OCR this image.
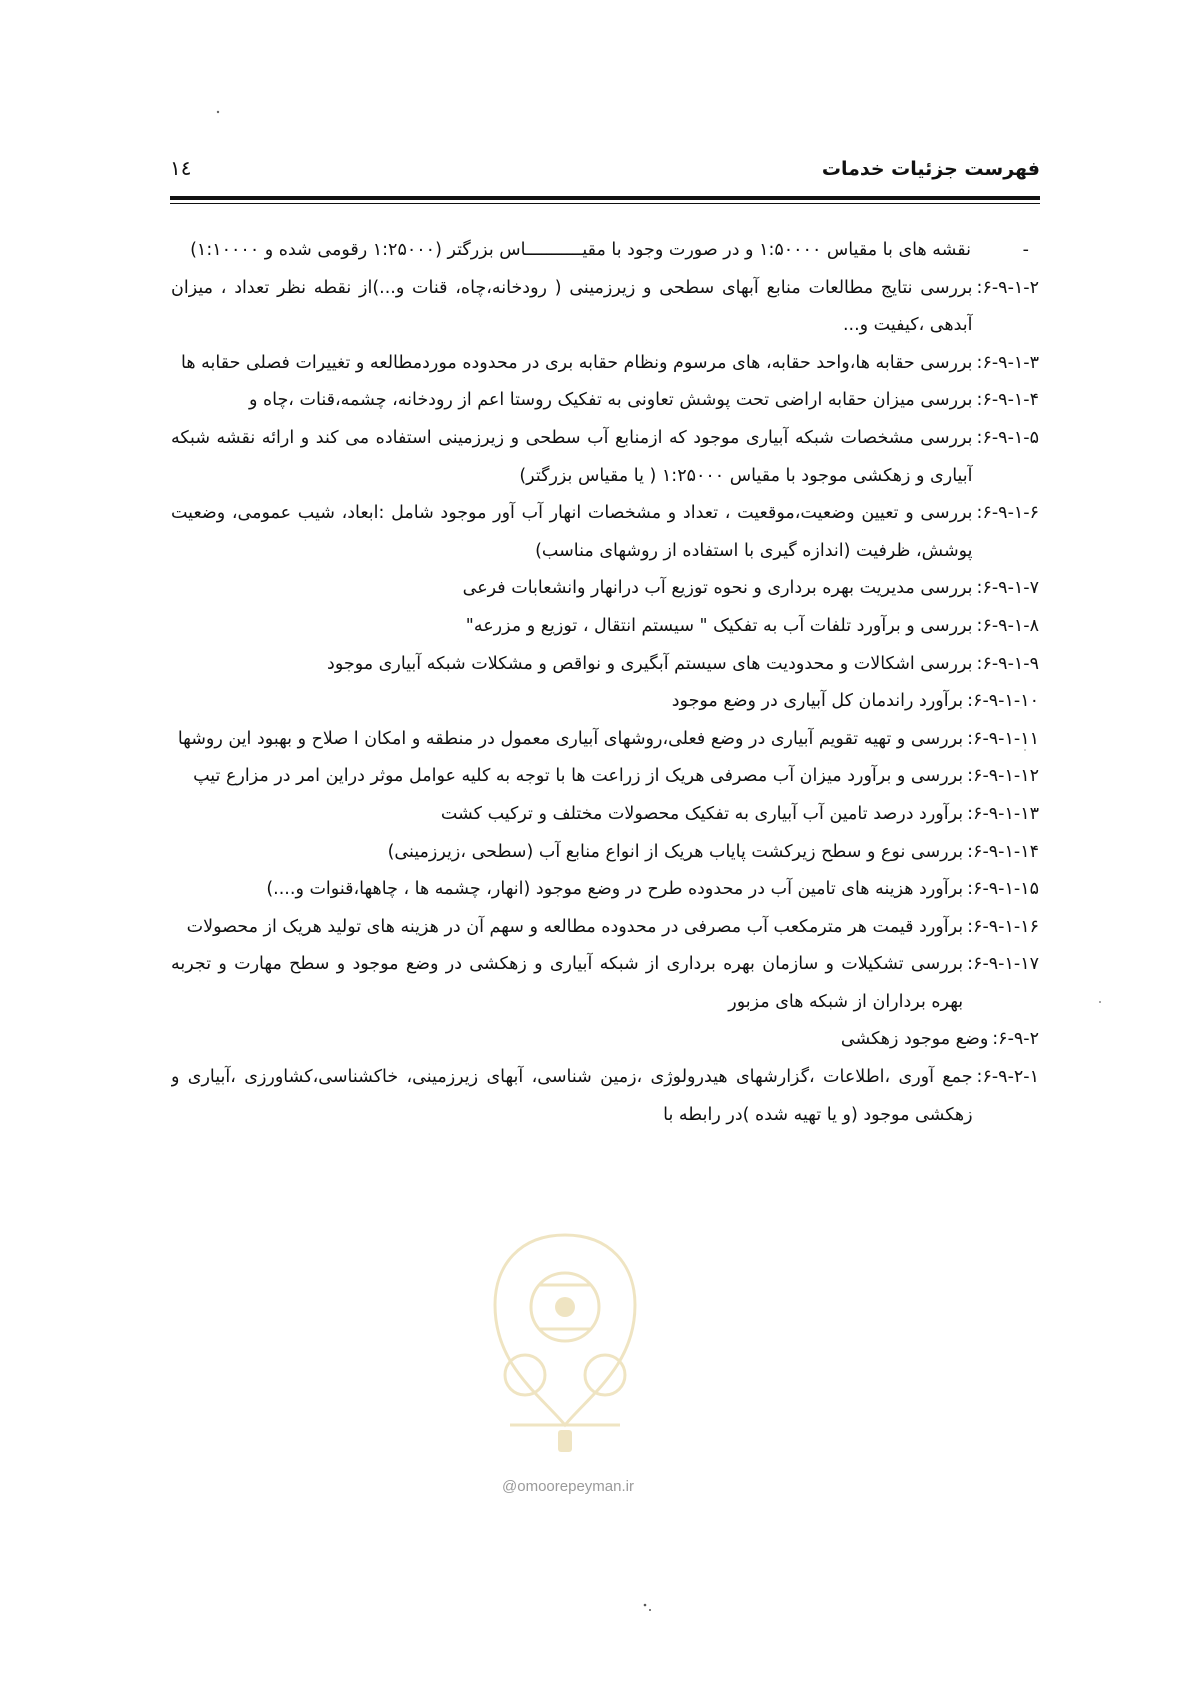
فهرست جزئیات خدمات
١٤
-
نقشه های با مقیاس ۱:۵۰۰۰۰ و در صورت وجود با مقیـــــــــــاس بزرگتر (۱:۲۵۰۰۰ رقومی شده و ۱:۱۰۰۰۰)
۶-۹-۱-۲:
بررسی نتایج مطالعات منابع آبهای سطحی و زیرزمینی ( رودخانه،چاه، قنات و...)از نقطه نظر تعداد ، میزان آبدهی ،کیفیت و...
۶-۹-۱-۳:
بررسی حقابه ها،واحد حقابه، های مرسوم ونظام حقابه بری در محدوده موردمطالعه و تغییرات فصلی حقابه ها
۶-۹-۱-۴:
بررسی میزان حقابه اراضی تحت پوشش تعاونی به تفکیک روستا اعم از رودخانه، چشمه،قنات ،چاه و
۶-۹-۱-۵:
بررسی مشخصات شبکه آبیاری موجود که ازمنابع آب سطحی و زیرزمینی استفاده می کند و ارائه نقشه شبکه آبیاری و زهکشی موجود با مقیاس ۱:۲۵۰۰۰ ( یا مقیاس بزرگتر)
۶-۹-۱-۶:
بررسی و تعیین وضعیت،موقعیت ، تعداد و مشخصات انهار آب آور موجود شامل :ابعاد، شیب عمومی، وضعیت پوشش، ظرفیت (اندازه گیری با استفاده از روشهای مناسب)
۶-۹-۱-۷:
بررسی مدیریت بهره برداری و نحوه توزیع آب درانهار وانشعابات فرعی
۶-۹-۱-۸:
بررسی و برآورد تلفات آب به تفکیک " سیستم انتقال ، توزیع و مزرعه"
۶-۹-۱-۹:
بررسی اشکالات و محدودیت های سیستم آبگیری و نواقص و مشکلات شبکه آبیاری موجود
۶-۹-۱-۱۰:
برآورد راندمان کل آبیاری در وضع موجود
۶-۹-۱-۱۱:
بررسی و تهیه تقویم آبیاری در وضع فعلی،روشهای آبیاری معمول در منطقه و امکان ا صلاح و بهبود این روشها
۶-۹-۱-۱۲:
بررسی و برآورد میزان آب مصرفی هریک از زراعت ها با توجه به کلیه عوامل موثر دراین امر در مزارع تیپ
۶-۹-۱-۱۳:
برآورد درصد تامین آب آبیاری به تفکیک محصولات مختلف و ترکیب کشت
۶-۹-۱-۱۴:
بررسی نوع و سطح زیرکشت پایاب هریک از انواع منابع آب (سطحی ،زیرزمینی)
۶-۹-۱-۱۵:
برآورد هزینه های تامین آب در محدوده طرح در وضع موجود (انهار، چشمه ها ، چاهها،قنوات و....)
۶-۹-۱-۱۶:
برآورد قیمت هر مترمکعب آب مصرفی در محدوده مطالعه و سهم آن در هزینه های تولید هریک از محصولات
۶-۹-۱-۱۷:
بررسی تشکیلات و سازمان بهره برداری از شبکه آبیاری و زهکشی در وضع موجود و سطح مهارت و تجربه بهره برداران از شبکه های مزبور
۶-۹-۲:
وضع موجود زهکشی
۶-۹-۲-۱:
جمع آوری ،اطلاعات ،گزارشهای هیدرولوژی ،زمین شناسی، آبهای زیرزمینی، خاکشناسی،کشاورزی ،آبیاری و زهکشی موجود (و یا تهیه شده )در رابطه با
@omoorepeyman.ir
